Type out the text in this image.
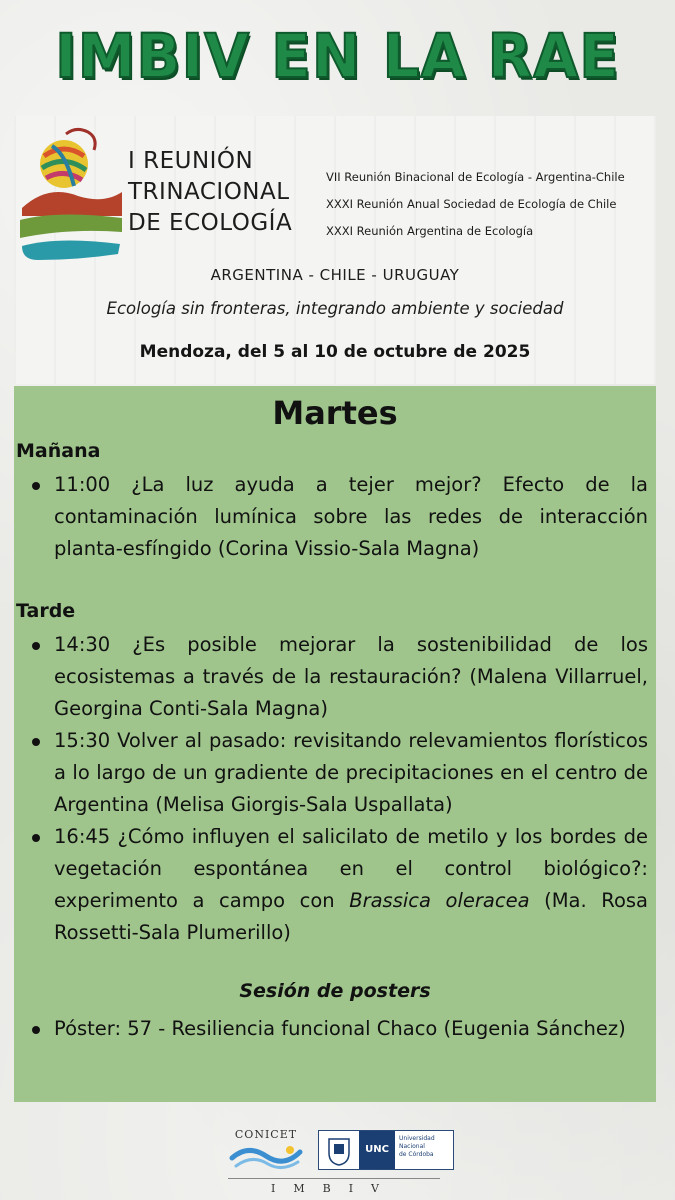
IMBIV EN LA RAE
I REUNIÓN
TRINACIONAL
DE ECOLOGÍA
VII Reunión Binacional de Ecología - Argentina-Chile
XXXI Reunión Anual Sociedad de Ecología de Chile
XXXI Reunión Argentina de Ecología
ARGENTINA - CHILE - URUGUAY
Ecología sin fronteras, integrando ambiente y sociedad
Mendoza, del 5 al 10 de octubre de 2025
Martes
Mañana
11:00 ¿La luz ayuda a tejer mejor? Efecto de la contaminación lumínica sobre las redes de interacción planta-esfíngido (Corina Vissio-Sala Magna)
Tarde
14:30 ¿Es posible mejorar la sostenibilidad de los ecosistemas a través de la restauración? (Malena Villarruel, Georgina Conti-Sala Magna)
15:30 Volver al pasado: revisitando relevamientos florísticos a lo largo de un gradiente de precipitaciones en el centro de Argentina (Melisa Giorgis-Sala Uspallata)
16:45 ¿Cómo influyen el salicilato de metilo y los bordes de vegetación espontánea en el control biológico?: experimento a campo con Brassica oleracea (Ma. Rosa Rossetti-Sala Plumerillo)
Sesión de posters
Póster: 57 - Resiliencia funcional Chaco (Eugenia Sánchez)
CONICET
UNC
Universidad
Nacional
de Córdoba
IMBIV
